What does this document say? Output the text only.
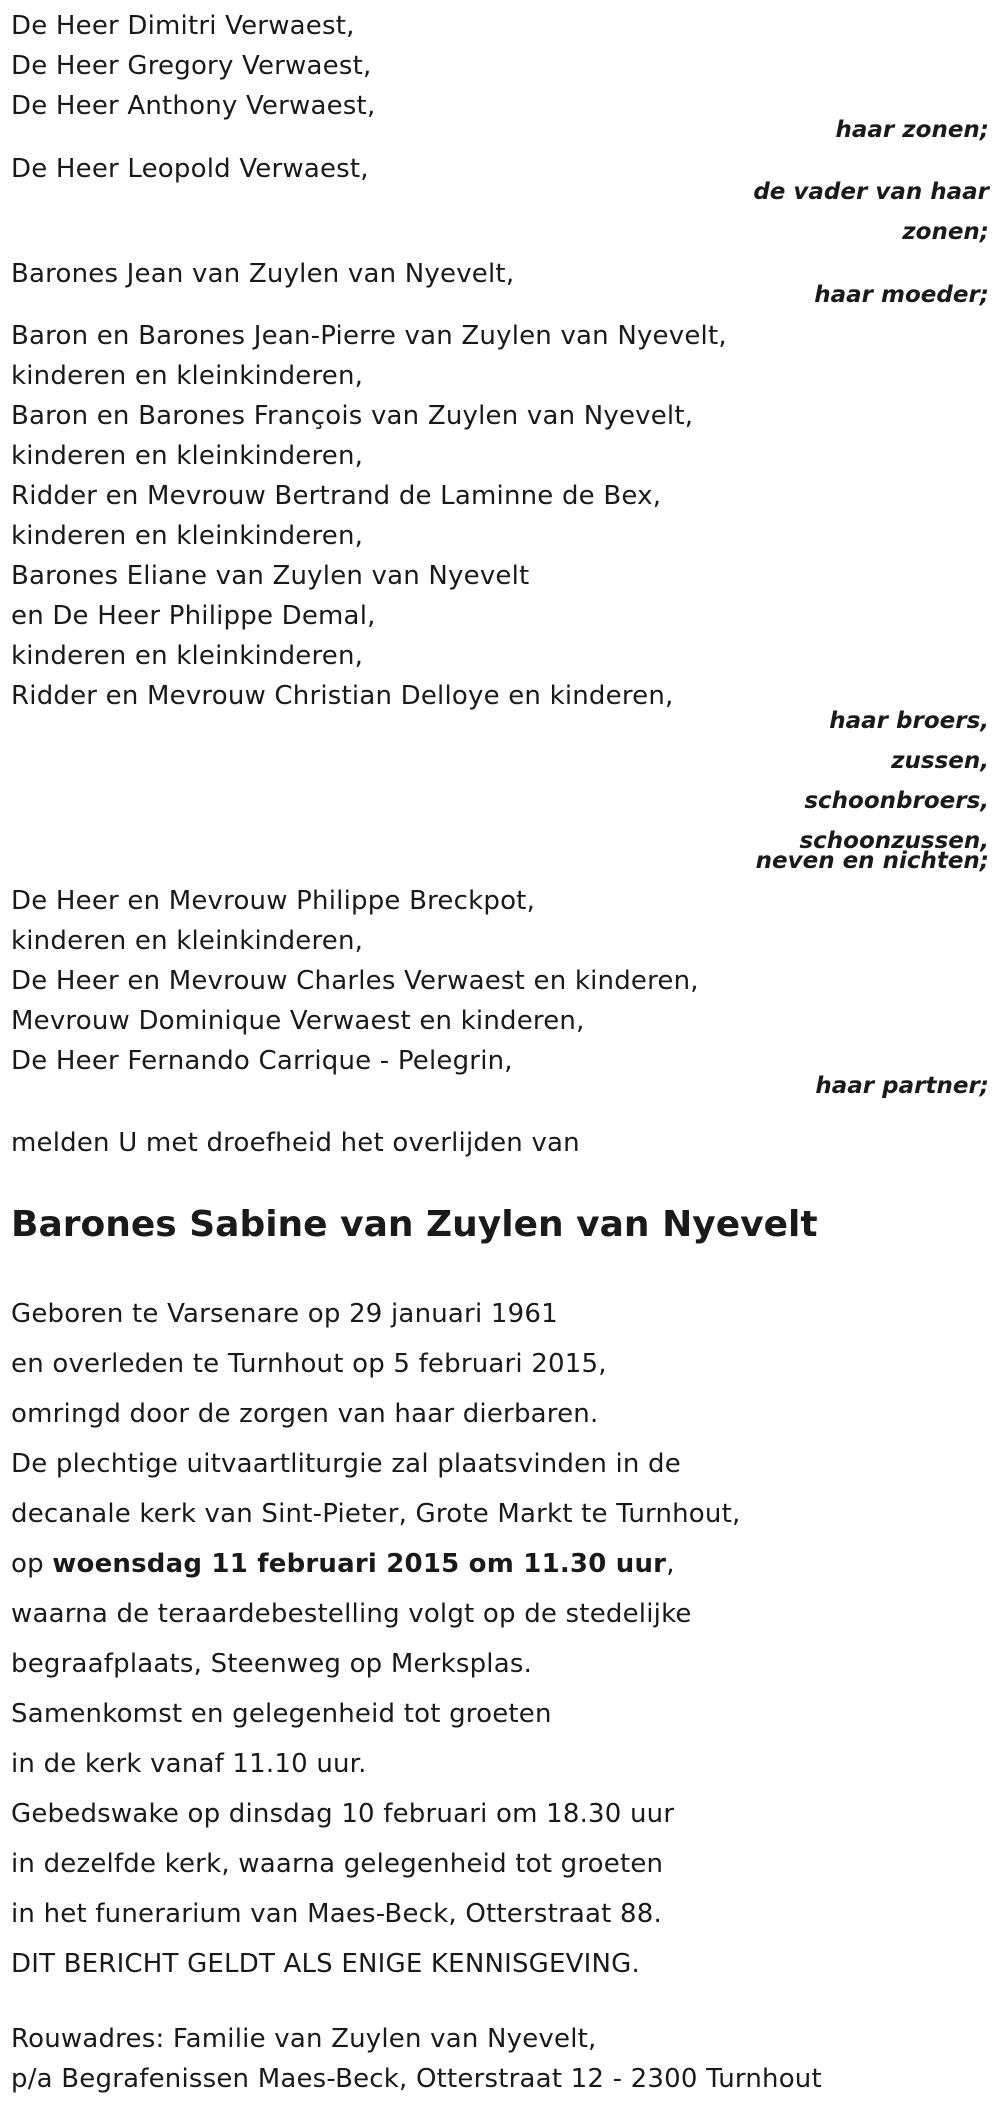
De Heer Dimitri Verwaest,
De Heer Gregory Verwaest,
De Heer Anthony Verwaest,
haar zonen;
De Heer Leopold Verwaest,
de vader van haar
zonen;
Barones Jean van Zuylen van Nyevelt,
haar moeder;
Baron en Barones Jean-Pierre van Zuylen van Nyevelt,
kinderen en kleinkinderen,
Baron en Barones François van Zuylen van Nyevelt,
kinderen en kleinkinderen,
Ridder en Mevrouw Bertrand de Laminne de Bex,
kinderen en kleinkinderen,
Barones Eliane van Zuylen van Nyevelt
en De Heer Philippe Demal,
kinderen en kleinkinderen,
Ridder en Mevrouw Christian Delloye en kinderen,
haar broers,
zussen,
schoonbroers,
schoonzussen,
neven en nichten;
De Heer en Mevrouw Philippe Breckpot,
kinderen en kleinkinderen,
De Heer en Mevrouw Charles Verwaest en kinderen,
Mevrouw Dominique Verwaest en kinderen,
De Heer Fernando Carrique - Pelegrin,
haar partner;
melden U met droefheid het overlijden van
Barones Sabine van Zuylen van Nyevelt
Geboren te Varsenare op 29 januari 1961
en overleden te Turnhout op 5 februari 2015,
omringd door de zorgen van haar dierbaren.
De plechtige uitvaartliturgie zal plaatsvinden in de
decanale kerk van Sint-Pieter, Grote Markt te Turnhout,
op woensdag 11 februari 2015 om 11.30 uur,
waarna de teraardebestelling volgt op de stedelijke
begraafplaats, Steenweg op Merksplas.
Samenkomst en gelegenheid tot groeten
in de kerk vanaf 11.10 uur.
Gebedswake op dinsdag 10 februari om 18.30 uur
in dezelfde kerk, waarna gelegenheid tot groeten
in het funerarium van Maes-Beck, Otterstraat 88.
DIT BERICHT GELDT ALS ENIGE KENNISGEVING.
Rouwadres: Familie van Zuylen van Nyevelt,
p/a Begrafenissen Maes-Beck, Otterstraat 12 - 2300 Turnhout
